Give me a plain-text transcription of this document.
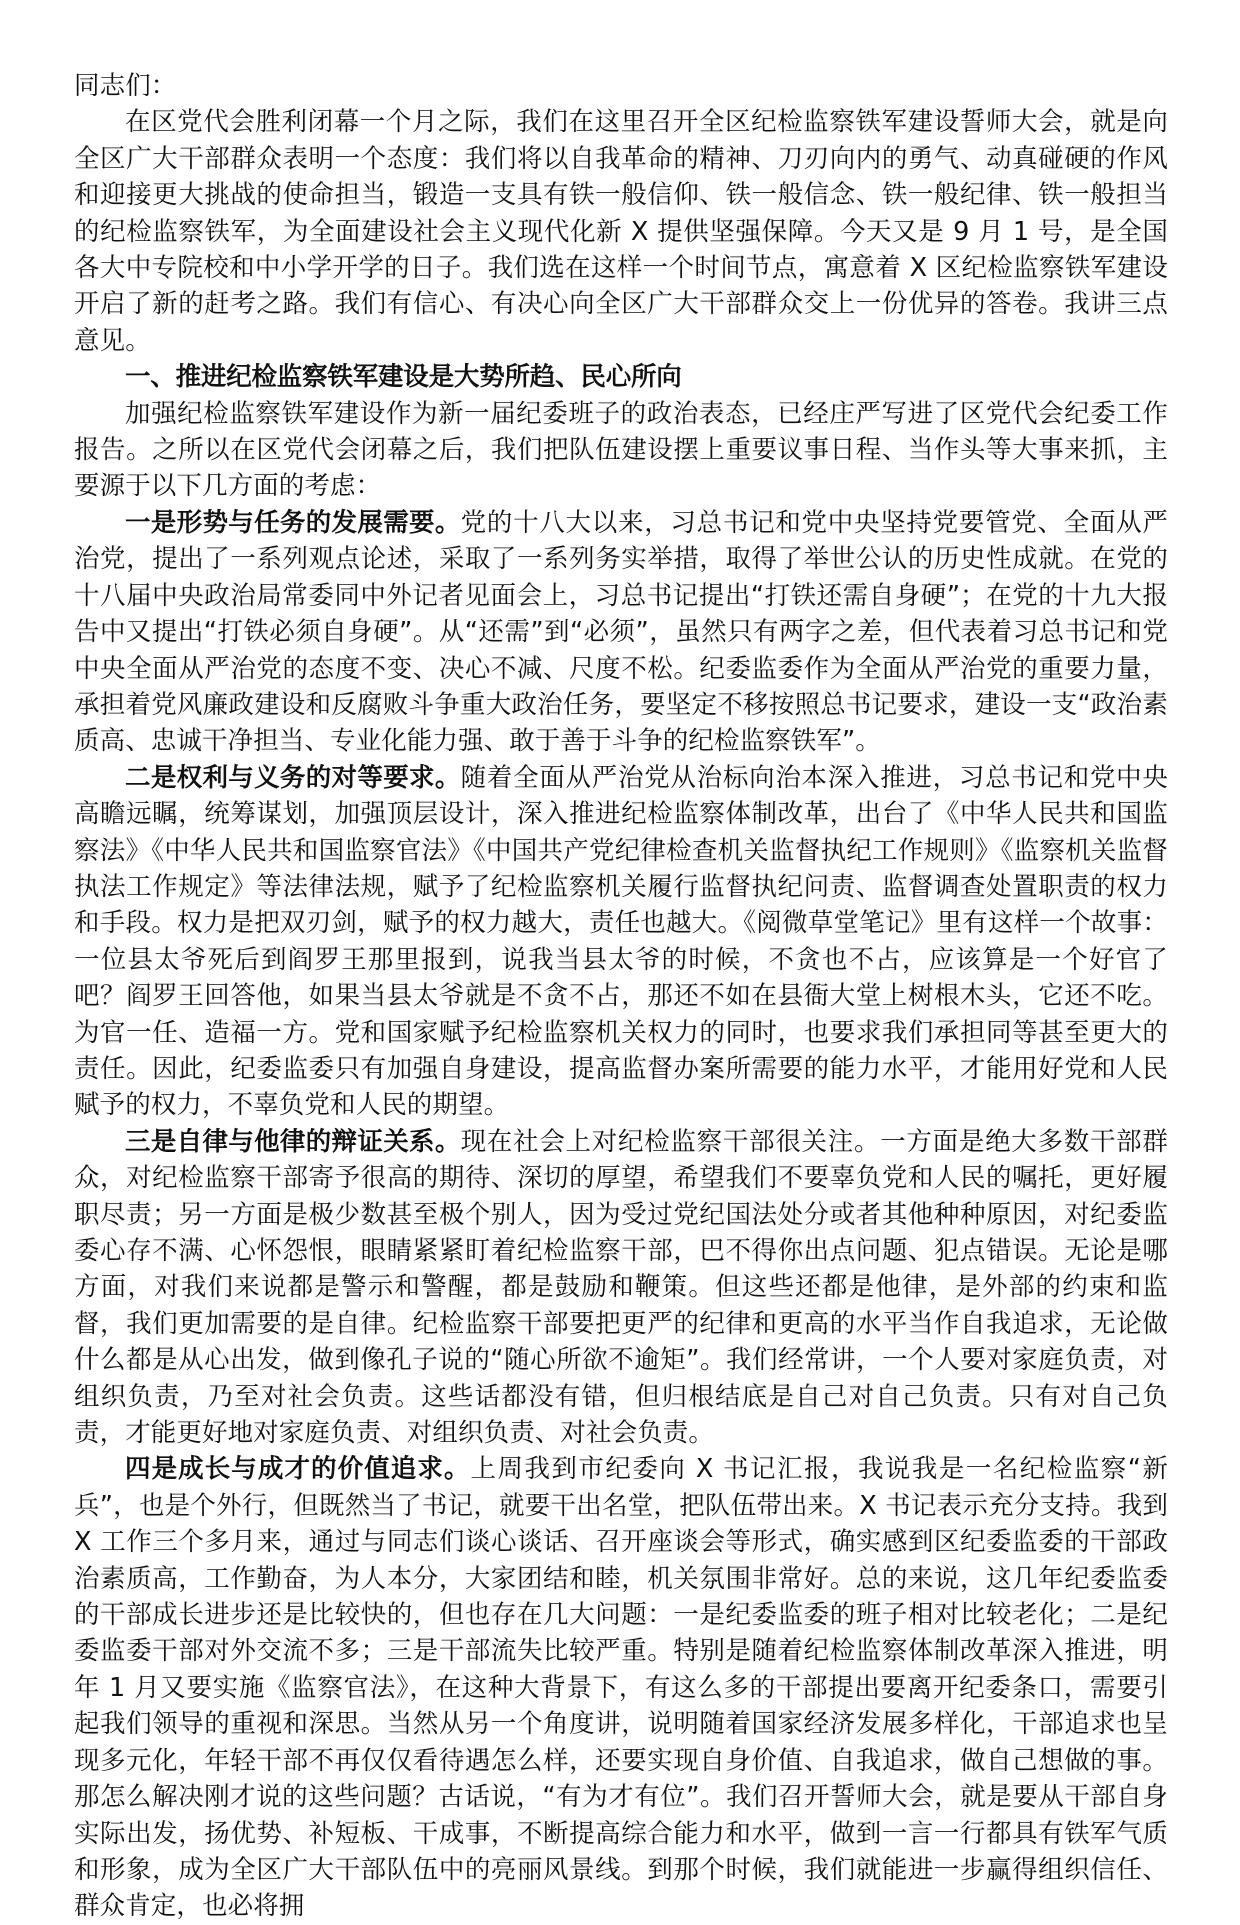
同志们：

在区党代会胜利闭幕一个月之际，我们在这里召开全区纪检监察铁军建设誓师大会，就是向全区广大干部群众表明一个态度：我们将以自我革命的精神、刀刃向内的勇气、动真碰硬的作风和迎接更大挑战的使命担当，锻造一支具有铁一般信仰、铁一般信念、铁一般纪律、铁一般担当的纪检监察铁军，为全面建设社会主义现代化新 X 提供坚强保障。今天又是 9 月 1 号，是全国各大中专院校和中小学开学的日子。我们选在这样一个时间节点，寓意着 X 区纪检监察铁军建设开启了新的赶考之路。我们有信心、有决心向全区广大干部群众交上一份优异的答卷。我讲三点意见。

一、推进纪检监察铁军建设是大势所趋、民心所向

加强纪检监察铁军建设作为新一届纪委班子的政治表态，已经庄严写进了区党代会纪委工作报告。之所以在区党代会闭幕之后，我们把队伍建设摆上重要议事日程、当作头等大事来抓，主要源于以下几方面的考虑：

一是形势与任务的发展需要。党的十八大以来，习总书记和党中央坚持党要管党、全面从严治党，提出了一系列观点论述，采取了一系列务实举措，取得了举世公认的历史性成就。在党的十八届中央政治局常委同中外记者见面会上，习总书记提出“打铁还需自身硬”；在党的十九大报告中又提出“打铁必须自身硬”。从“还需”到“必须”，虽然只有两字之差，但代表着习总书记和党中央全面从严治党的态度不变、决心不减、尺度不松。纪委监委作为全面从严治党的重要力量，承担着党风廉政建设和反腐败斗争重大政治任务，要坚定不移按照总书记要求，建设一支“政治素质高、忠诚干净担当、专业化能力强、敢于善于斗争的纪检监察铁军”。

二是权利与义务的对等要求。随着全面从严治党从治标向治本深入推进，习总书记和党中央高瞻远瞩，统筹谋划，加强顶层设计，深入推进纪检监察体制改革，出台了《中华人民共和国监察法》《中华人民共和国监察官法》《中国共产党纪律检查机关监督执纪工作规则》《监察机关监督执法工作规定》等法律法规，赋予了纪检监察机关履行监督执纪问责、监督调查处置职责的权力和手段。权力是把双刃剑，赋予的权力越大，责任也越大。《阅微草堂笔记》里有这样一个故事：一位县太爷死后到阎罗王那里报到，说我当县太爷的时候，不贪也不占，应该算是一个好官了吧？阎罗王回答他，如果当县太爷就是不贪不占，那还不如在县衙大堂上树根木头，它还不吃。为官一任、造福一方。党和国家赋予纪检监察机关权力的同时，也要求我们承担同等甚至更大的责任。因此，纪委监委只有加强自身建设，提高监督办案所需要的能力水平，才能用好党和人民赋予的权力，不辜负党和人民的期望。

三是自律与他律的辩证关系。现在社会上对纪检监察干部很关注。一方面是绝大多数干部群众，对纪检监察干部寄予很高的期待、深切的厚望，希望我们不要辜负党和人民的嘱托，更好履职尽责；另一方面是极少数甚至极个别人，因为受过党纪国法处分或者其他种种原因，对纪委监委心存不满、心怀怨恨，眼睛紧紧盯着纪检监察干部，巴不得你出点问题、犯点错误。无论是哪方面，对我们来说都是警示和警醒，都是鼓励和鞭策。但这些还都是他律，是外部的约束和监督，我们更加需要的是自律。纪检监察干部要把更严的纪律和更高的水平当作自我追求，无论做什么都是从心出发，做到像孔子说的“随心所欲不逾矩”。我们经常讲，一个人要对家庭负责，对组织负责，乃至对社会负责。这些话都没有错，但归根结底是自己对自己负责。只有对自己负责，才能更好地对家庭负责、对组织负责、对社会负责。

四是成长与成才的价值追求。上周我到市纪委向 X 书记汇报，我说我是一名纪检监察“新兵”，也是个外行，但既然当了书记，就要干出名堂，把队伍带出来。X 书记表示充分支持。我到 X 工作三个多月来，通过与同志们谈心谈话、召开座谈会等形式，确实感到区纪委监委的干部政治素质高，工作勤奋，为人本分，大家团结和睦，机关氛围非常好。总的来说，这几年纪委监委的干部成长进步还是比较快的，但也存在几大问题：一是纪委监委的班子相对比较老化；二是纪委监委干部对外交流不多；三是干部流失比较严重。特别是随着纪检监察体制改革深入推进，明年 1 月又要实施《监察官法》，在这种大背景下，有这么多的干部提出要离开纪委条口，需要引起我们领导的重视和深思。当然从另一个角度讲，说明随着国家经济发展多样化，干部追求也呈现多元化，年轻干部不再仅仅看待遇怎么样，还要实现自身价值、自我追求，做自己想做的事。那怎么解决刚才说的这些问题？古话说，“有为才有位”。我们召开誓师大会，就是要从干部自身实际出发，扬优势、补短板、干成事，不断提高综合能力和水平，做到一言一行都具有铁军气质和形象，成为全区广大干部队伍中的亮丽风景线。到那个时候，我们就能进一步赢得组织信任、群众肯定，也必将拥
